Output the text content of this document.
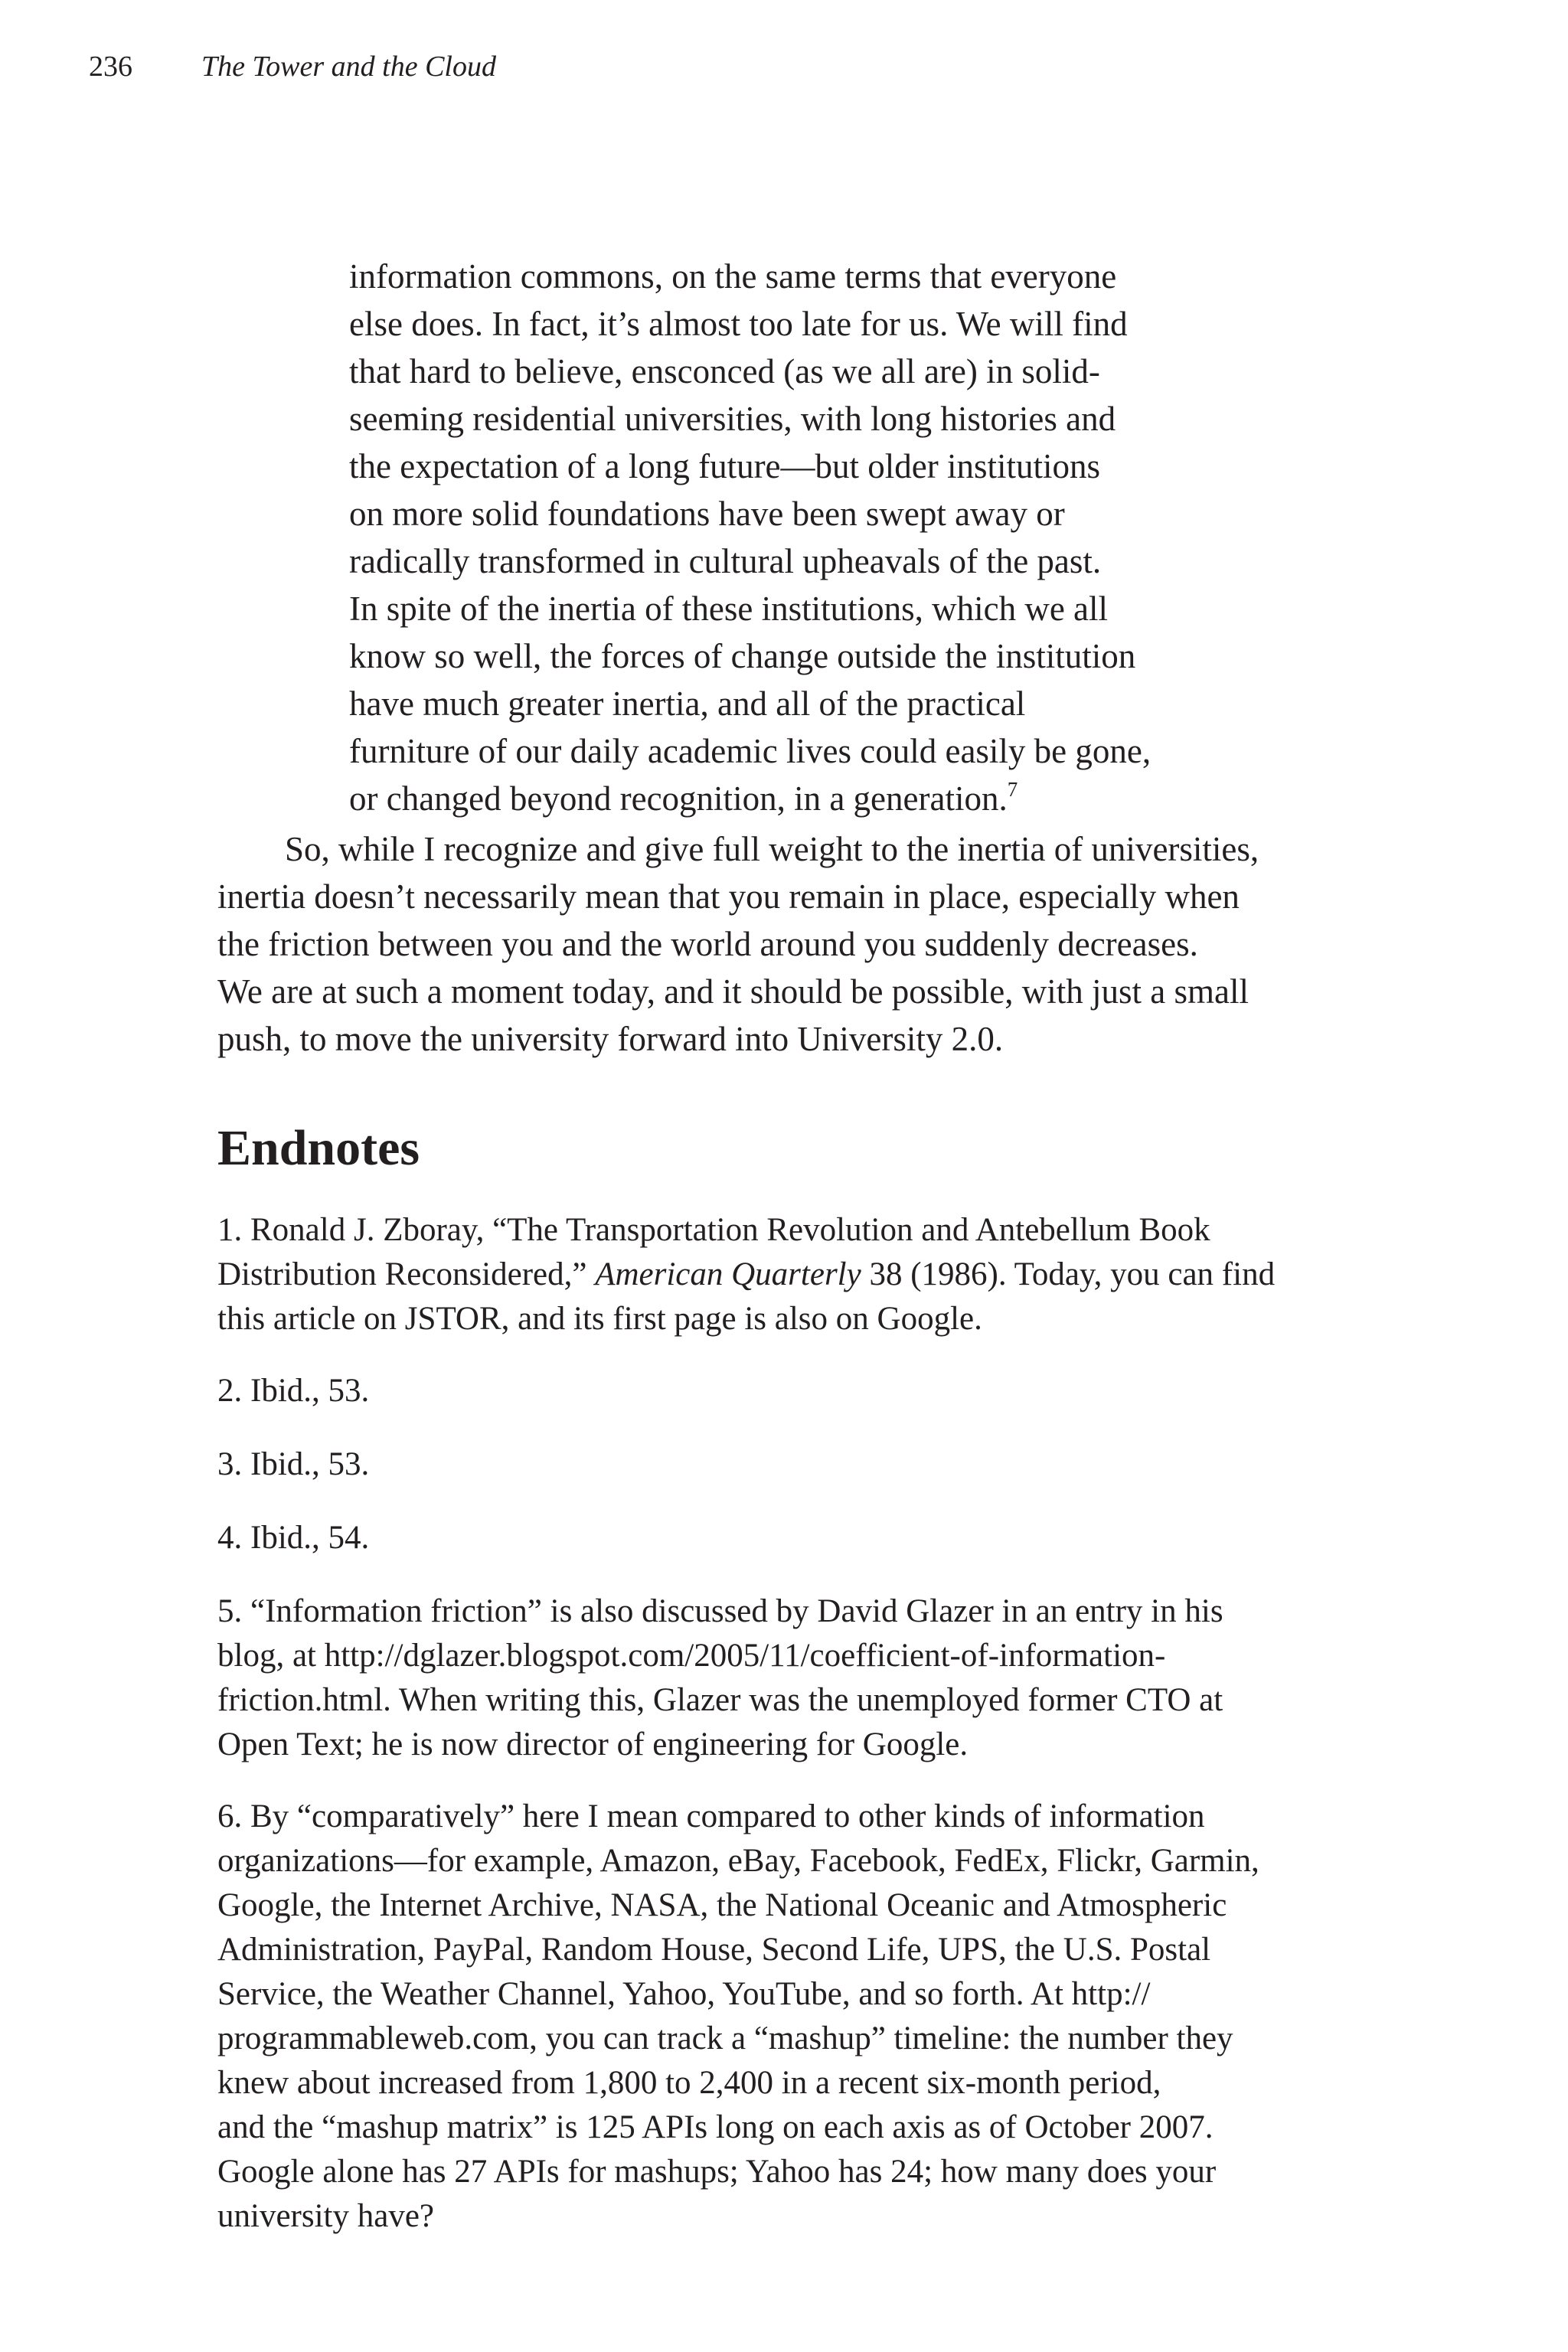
236 The Tower and the Cloud
information commons, on the same terms that everyone
else does. In fact, it’s almost too late for us. We will find
that hard to believe, ensconced (as we all are) in solid-
seeming residential universities, with long histories and
the expectation of a long future—but older institutions
on more solid foundations have been swept away or
radically transformed in cultural upheavals of the past.
In spite of the inertia of these institutions, which we all
know so well, the forces of change outside the institution
have much greater inertia, and all of the practical
furniture of our daily academic lives could easily be gone,
or changed beyond recognition, in a generation.$^7$
So, while I recognize and give full weight to the inertia of universities,
inertia doesn’t necessarily mean that you remain in place, especially when
the friction between you and the world around you suddenly decreases.
We are at such a moment today, and it should be possible, with just a small
push, to move the university forward into University 2.0.
Endnotes
1. Ronald J. Zboray, “The Transportation Revolution and Antebellum Book
Distribution Reconsidered,” American Quarterly 38 (1986). Today, you can find
this article on JSTOR, and its first page is also on Google.
2. Ibid., 53.
3. Ibid., 53.
4. Ibid., 54.
5. “Information friction” is also discussed by David Glazer in an entry in his
blog, at http://dglazer.blogspot.com/2005/11/coefficient-of-information-
friction.html. When writing this, Glazer was the unemployed former CTO at
Open Text; he is now director of engineering for Google.
6. By “comparatively” here I mean compared to other kinds of information
organizations—for example, Amazon, eBay, Facebook, FedEx, Flickr, Garmin,
Google, the Internet Archive, NASA, the National Oceanic and Atmospheric
Administration, PayPal, Random House, Second Life, UPS, the U.S. Postal
Service, the Weather Channel, Yahoo, YouTube, and so forth. At http://
programmableweb.com, you can track a “mashup” timeline: the number they
knew about increased from 1,800 to 2,400 in a recent six-month period,
and the “mashup matrix” is 125 APIs long on each axis as of October 2007.
Google alone has 27 APIs for mashups; Yahoo has 24; how many does your
university have?
